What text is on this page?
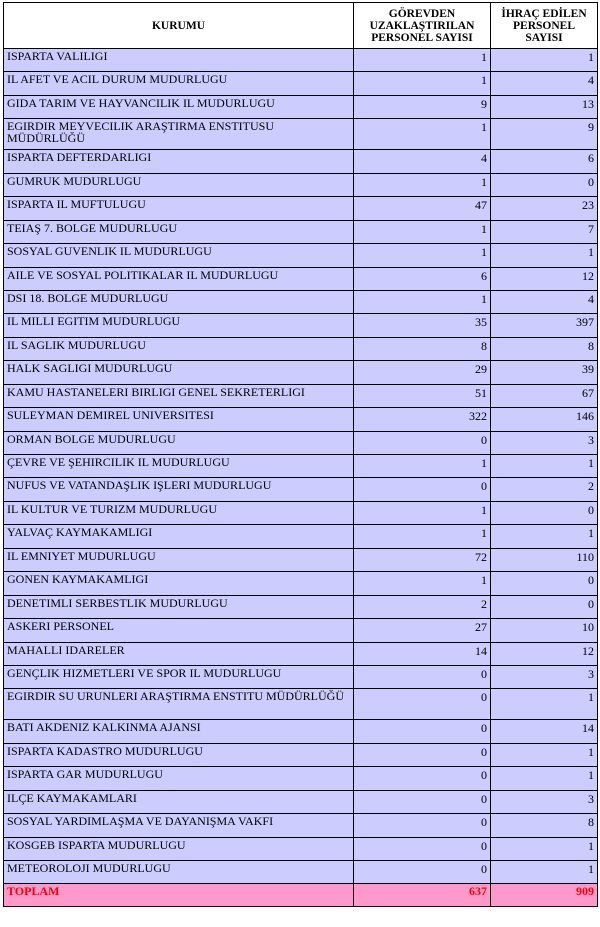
KURUMU	GÖREVDEN UZAKLAŞTIRILAN PERSONEL SAYISI	İHRAÇ EDİLEN PERSONEL SAYISI
ISPARTA VALILIGI	1	1
IL AFET VE ACIL DURUM MUDURLUGU	1	4
GIDA TARIM VE HAYVANCILIK IL MUDURLUGU	9	13
EGIRDIR MEYVECILIK ARAŞTIRMA ENSTITUSU MÜDÜRLÜĞÜ	1	9
ISPARTA DEFTERDARLIGI	4	6
GUMRUK MUDURLUGU	1	0
ISPARTA IL MUFTULUGU	47	23
TEIAŞ 7. BOLGE MUDURLUGU	1	7
SOSYAL GUVENLIK IL MUDURLUGU	1	1
AILE VE SOSYAL POLITIKALAR IL MUDURLUGU	6	12
DSI 18. BOLGE MUDURLUGU	1	4
IL MILLI EGITIM MUDURLUGU	35	397
IL SAGLIK MUDURLUGU	8	8
HALK SAGLIGI MUDURLUGU	29	39
KAMU HASTANELERI BIRLIGI GENEL SEKRETERLIGI	51	67
SULEYMAN DEMIREL UNIVERSITESI	322	146
ORMAN BOLGE MUDURLUGU	0	3
ÇEVRE VE ŞEHIRCILIK IL MUDURLUGU	1	1
NUFUS VE VATANDAŞLIK IŞLERI MUDURLUGU	0	2
IL KULTUR VE TURIZM MUDURLUGU	1	0
YALVAÇ KAYMAKAMLIGI	1	1
IL EMNIYET MUDURLUGU	72	110
GONEN KAYMAKAMLIGI	1	0
DENETIMLI SERBESTLIK MUDURLUGU	2	0
ASKERI PERSONEL	27	10
MAHALLI IDARELER	14	12
GENÇLIK HIZMETLERI VE SPOR IL MUDURLUGU	0	3
EGIRDIR SU URUNLERI ARAŞTIRMA ENSTITU MÜDÜRLÜĞÜ	0	1
BATI AKDENIZ KALKINMA AJANSI	0	14
ISPARTA KADASTRO MUDURLUGU	0	1
ISPARTA GAR MUDURLUGU	0	1
ILÇE KAYMAKAMLARI	0	3
SOSYAL YARDIMLAŞMA VE DAYANIŞMA VAKFI	0	8
KOSGEB ISPARTA MUDURLUGU	0	1
METEOROLOJI MUDURLUGU	0	1
TOPLAM	637	909
